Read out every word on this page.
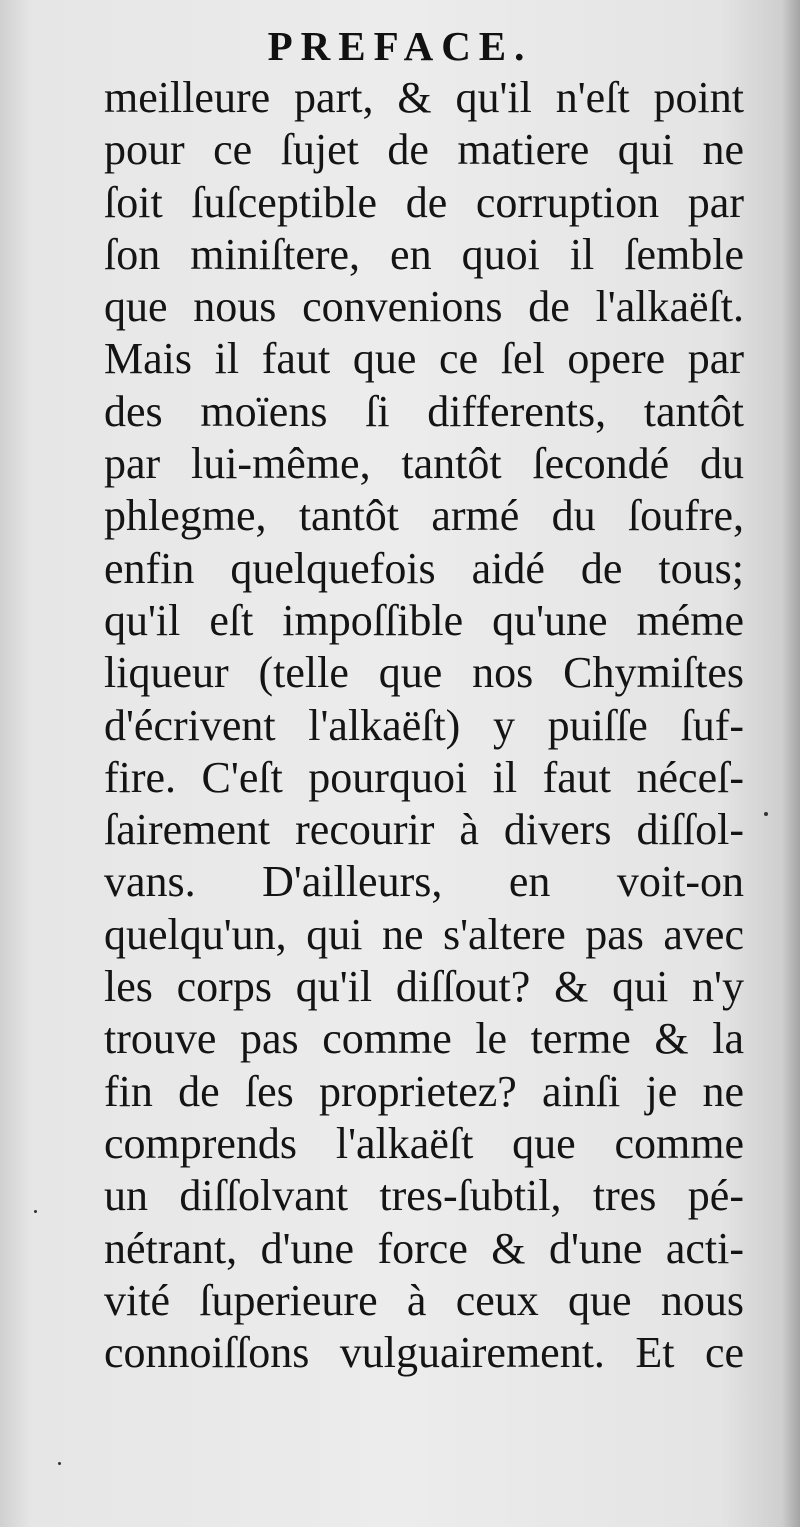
PREFACE.
meilleure part, & qu'il n'eſt point
pour ce ſujet de matiere qui ne
ſoit ſuſceptible de corruption par
ſon miniſtere, en quoi il ſemble
que nous convenions de l'alkaëſt.
Mais il faut que ce ſel opere par
des moïens ſi differents, tantôt
par lui-même, tantôt ſecondé du
phlegme, tantôt armé du ſoufre,
enfin quelquefois aidé de tous;
qu'il eſt impoſſible qu'une méme
liqueur (telle que nos Chymiſtes
d'écrivent l'alkaëſt) y puiſſe ſuf-
fire. C'eſt pourquoi il faut néceſ-
ſairement recourir à divers diſſol-
vans. D'ailleurs, en voit-on
quelqu'un, qui ne s'altere pas avec
les corps qu'il diſſout? & qui n'y
trouve pas comme le terme & la
fin de ſes proprietez? ainſi je ne
comprends l'alkaëſt que comme
un diſſolvant tres-ſubtil, tres pé-
nétrant, d'une force & d'une acti-
vité ſuperieure à ceux que nous
connoiſſons vulguairement. Et ce
